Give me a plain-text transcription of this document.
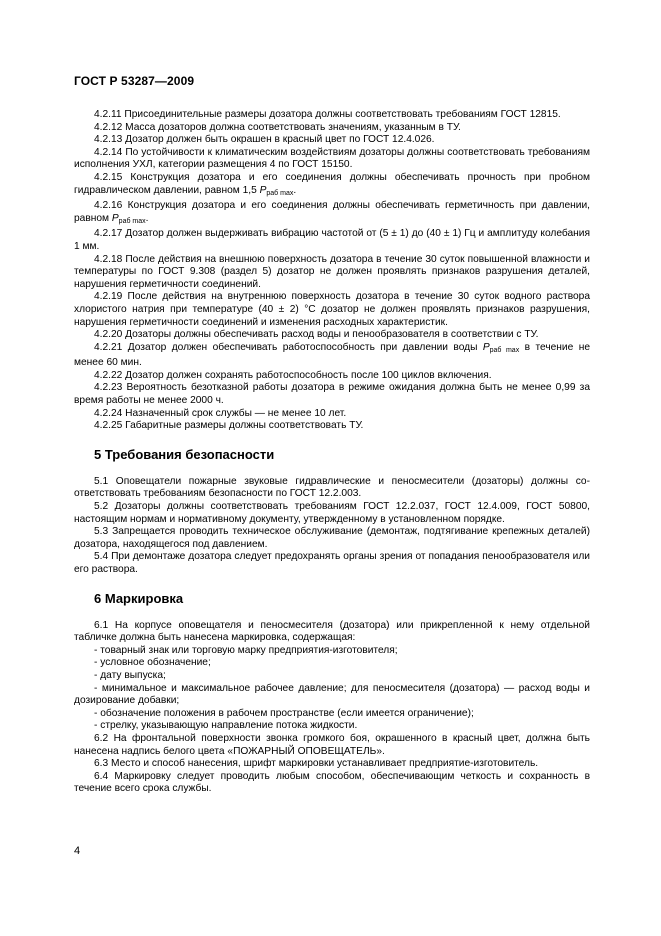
ГОСТ Р 53287—2009

4.2.11 Присоединительные размеры дозатора должны соответствовать требованиям ГОСТ 12815.

4.2.12 Масса дозаторов должна соответствовать значениям, указанным в ТУ.

4.2.13 Дозатор должен быть окрашен в красный цвет по ГОСТ 12.4.026.

4.2.14 По устойчивости к климатическим воздействиям дозаторы должны соответствовать требованиям исполнения УХЛ, категории размещения 4 по ГОСТ 15150.

4.2.15 Конструкция дозатора и его соединения должны обеспечивать прочность при пробном гидравлическом давлении, равном 1,5 $P_{раб max}$.

4.2.16 Конструкция дозатора и его соединения должны обеспечивать герметичность при давлении, равном $P_{раб max}$.

4.2.17 Дозатор должен выдерживать вибрацию частотой от (5 ± 1) до (40 ± 1) Гц и амплитуду колебания 1 мм.

4.2.18 После действия на внешнюю поверхность дозатора в течение 30 суток повышенной влажности и температуры по ГОСТ 9.308 (раздел 5) дозатор не должен проявлять признаков разрушения деталей, нарушения герметичности соединений.

4.2.19 После действия на внутреннюю поверхность дозатора в течение 30 суток водного раствора хлористого натрия при температуре (40 ± 2) °С дозатор не должен проявлять признаков разрушения, нарушения герметичности соединений и изменения расходных характеристик.

4.2.20 Дозаторы должны обеспечивать расход воды и пенообразователя в соответствии с ТУ.

4.2.21 Дозатор должен обеспечивать работоспособность при давлении воды $P_{раб max}$ в течение не менее 60 мин.

4.2.22 Дозатор должен сохранять работоспособность после 100 циклов включения.

4.2.23 Вероятность безотказной работы дозатора в режиме ожидания должна быть не менее 0,99 за время работы не менее 2000 ч.

4.2.24 Назначенный срок службы — не менее 10 лет.

4.2.25 Габаритные размеры должны соответствовать ТУ.

5 Требования безопасности

5.1 Оповещатели пожарные звуковые гидравлические и пеносмесители (дозаторы) должны соответствовать требованиям безопасности по ГОСТ 12.2.003.

5.2 Дозаторы должны соответствовать требованиям ГОСТ 12.2.037, ГОСТ 12.4.009, ГОСТ 50800, настоящим нормам и нормативному документу, утвержденному в установленном порядке.

5.3 Запрещается проводить техническое обслуживание (демонтаж, подтягивание крепежных деталей) дозатора, находящегося под давлением.

5.4 При демонтаже дозатора следует предохранять органы зрения от попадания пенообразователя или его раствора.

6 Маркировка

6.1 На корпусе оповещателя и пеносмесителя (дозатора) или прикрепленной к нему отдельной табличке должна быть нанесена маркировка, содержащая:

- товарный знак или торговую марку предприятия-изготовителя;

- условное обозначение;

- дату выпуска;

- минимальное и максимальное рабочее давление; для пеносмесителя (дозатора) — расход воды и дозирование добавки;

- обозначение положения в рабочем пространстве (если имеется ограничение);

- стрелку, указывающую направление потока жидкости.

6.2 На фронтальной поверхности звонка громкого боя, окрашенного в красный цвет, должна быть нанесена надпись белого цвета «ПОЖАРНЫЙ ОПОВЕЩАТЕЛЬ».

6.3 Место и способ нанесения, шрифт маркировки устанавливает предприятие-изготовитель.

6.4 Маркировку следует проводить любым способом, обеспечивающим четкость и сохранность в течение всего срока службы.

4
